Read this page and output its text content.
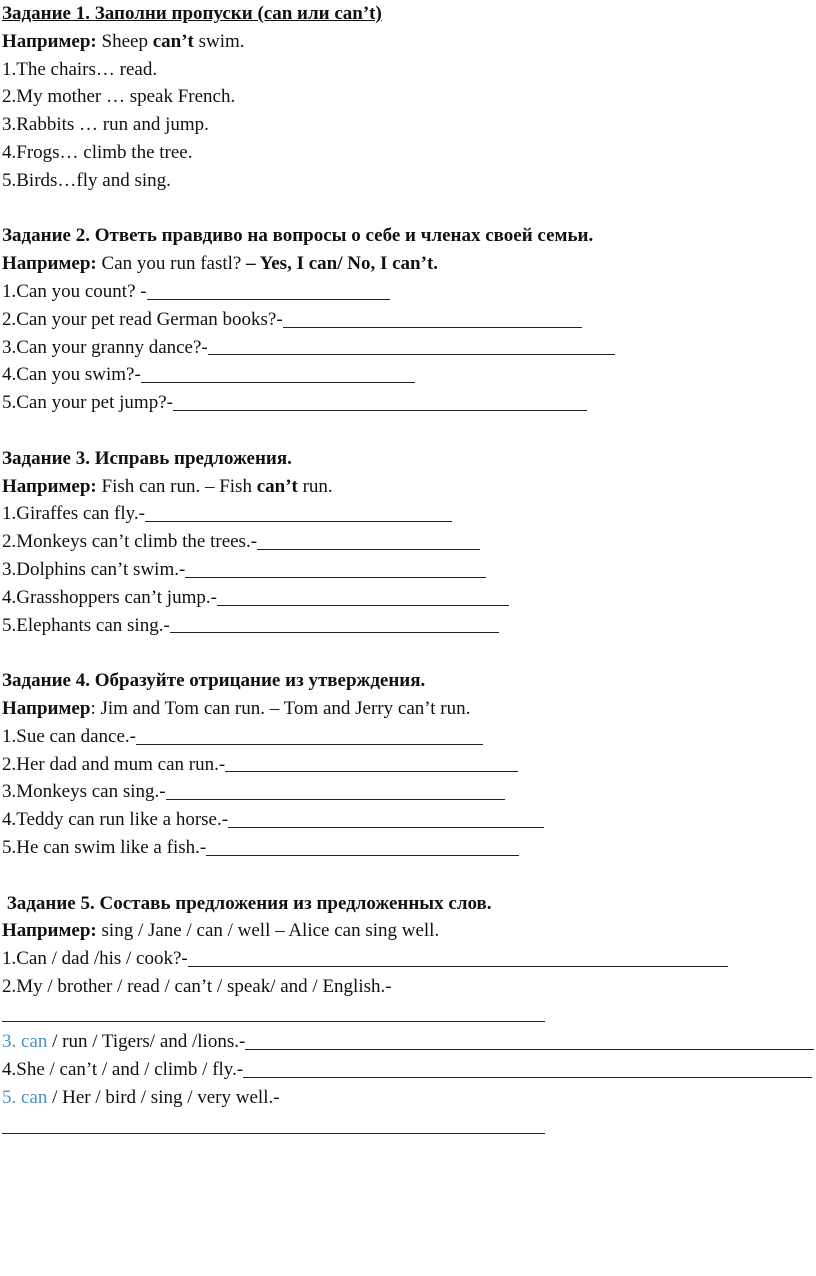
Задание 1. Заполни пропуски (can или can’t)
Например: Sheep can’t swim.
1.The chairs… read.
2.My mother … speak French.
3.Rabbits … run and jump.
4.Frogs… climb the tree.
5.Birds…fly and sing.
Задание 2. Ответь правдиво на вопросы о себе и членах своей семьи.
Например: Can you run fastl? – Yes, I can/ No, I can’t.
1.Can you count? -
2.Can your pet read German books?-
3.Can your granny dance?-
4.Can you swim?-
5.Can your pet jump?-
Задание 3. Исправь предложения.
Например: Fish can run. – Fish can’t run.
1.Giraffes can fly.-
2.Monkeys can’t climb the trees.-
3.Dolphins can’t swim.-
4.Grasshoppers can’t jump.-
5.Elephants can sing.-
Задание 4. Образуйте отрицание из утверждения.
Например : Jim and Tom can run. – Tom and Jerry can’t run.
1.Sue can dance.-
2.Her dad and mum can run.-
3.Monkeys can sing.-
4.Teddy can run like a horse.-
5.He can swim like a fish.-
Задание 5. Составь предложения из предложенных слов.
Например: sing / Jane / can / well – Alice can sing well.
1.Can / dad /his / cook?-
2.My / brother / read / can’t / speak/ and / English.-
3. can / run / Tigers/ and /lions.-
4.She / can’t / and / climb / fly.-
5. can / Her / bird / sing / very well.-
